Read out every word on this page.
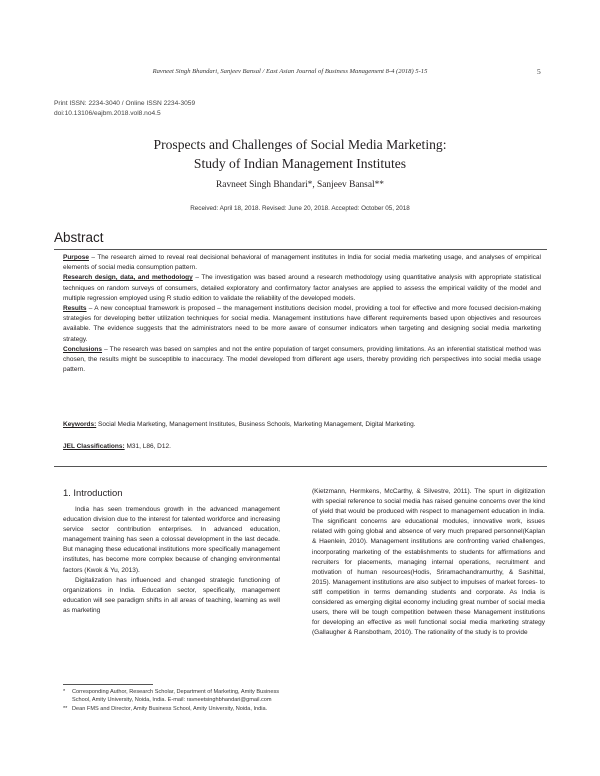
Ravneet Singh Bhandari, Sanjeev Bansal / East Asian Journal of Business Management 8-4 (2018) 5-15	5
Print ISSN: 2234-3040 / Online ISSN 2234-3059
doi:10.13106/eajbm.2018.vol8.no4.5
Prospects and Challenges of Social Media Marketing:
Study of Indian Management Institutes
Ravneet Singh Bhandari*, Sanjeev Bansal**
Received: April 18, 2018. Revised: June 20, 2018. Accepted: October 05, 2018
Abstract

Purpose – The research aimed to reveal real decisional behavioral of management institutes in India for social media marketing usage, and analyses of empirical elements of social media consumption pattern.

Research design, data, and methodology – The investigation was based around a research methodology using quantitative analysis with appropriate statistical techniques on random surveys of consumers, detailed exploratory and confirmatory factor analyses are applied to assess the empirical validity of the model and multiple regression employed using R studio edition to validate the reliability of the developed models.

Results – A new conceptual framework is proposed – the management institutions decision model, providing a tool for effective and more focused decision-making strategies for developing better utilization techniques for social media. Management institutions have different requirements based upon objectives and resources available. The evidence suggests that the administrators need to be more aware of consumer indicators when targeting and designing social media marketing strategy.

Conclusions – The research was based on samples and not the entire population of target consumers, providing limitations. As an inferential statistical method was chosen, the results might be susceptible to inaccuracy. The model developed from different age users, thereby providing rich perspectives into social media usage pattern.

Keywords: Social Media Marketing, Management Institutes, Business Schools, Marketing Management, Digital Marketing.
JEL Classifications: M31, L86, D12.
1. Introduction

India has seen tremendous growth in the advanced management education division due to the interest for talented workforce and increasing service sector contribution enterprises. In advanced education, management training has seen a colossal development in the last decade. But managing these educational institutions more specifically management institutes, has become more complex because of changing environmental factors (Kwok & Yu, 2013).

Digitalization has influenced and changed strategic functioning of organizations in India. Education sector, specifically, management education will see paradigm shifts in all areas of teaching, learning as well as marketing

(Kietzmann, Hermkens, McCarthy, & Silvestre, 2011). The spurt in digitization with special reference to social media has raised genuine concerns over the kind of yield that would be produced with respect to management education in India. The significant concerns are educational modules, innovative work, issues related with going global and absence of very much prepared personnel(Kaplan & Haenlein, 2010). Management institutions are confronting varied challenges, incorporating marketing of the establishments to students for affirmations and recruiters for placements, managing internal operations, recruitment and motivation of human resources(Hodis, Sriramachandramurthy, & Sashittal, 2015). Management institutions are also subject to impulses of market forces- to stiff competition in terms demanding students and corporate. As India is considered as emerging digital economy including great number of social media users, there will be tough competition between these Management institutions for developing an effective as well functional social media marketing strategy (Gallaugher & Ransbotham, 2010). The rationality of the study is to provide

*	Corresponding Author, Research Scholar, Department of Marketing, Amity Business School, Amity University, Noida, India. E-mail: ravneetsinghbhandari@gmail.com
** Dean FMS and Director, Amity Business School, Amity University, Noida, India.
